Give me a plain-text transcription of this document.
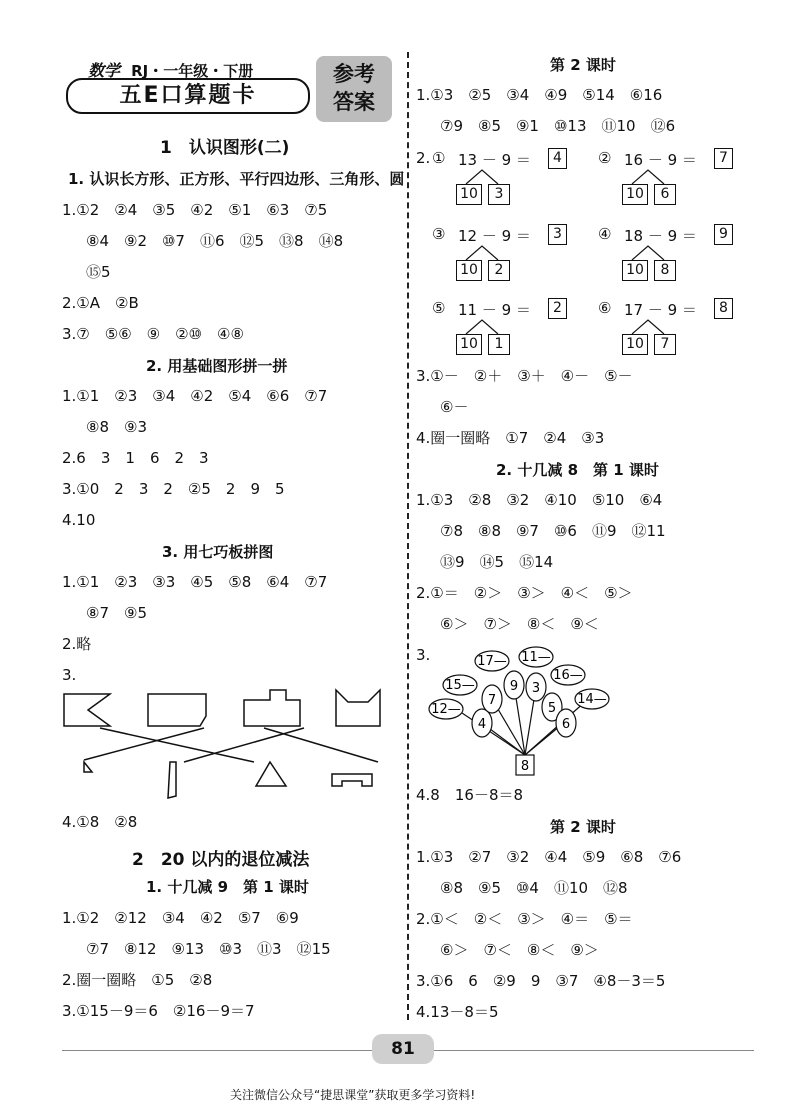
数学 RJ・一年级・下册
五E口算题卡
参考
答案
1　认识图形(二)
1. 认识长方形、正方形、平行四边形、三角形、圆
1.①2　②4　③5　④2　⑤1　⑥3　⑦5
⑧4　⑨2　⑩7　⑪6　⑫5　⑬8　⑭8
⑮5
2.①A　②B
3.⑦　⑤⑥　⑨　②⑩　④⑧
2. 用基础图形拼一拼
1.①1　②3　③4　④2　⑤4　⑥6　⑦7
⑧8　⑨3
2.6　3　1　6　2　3
3.①0　2　3　2　②5　2　9　5
4.10
3. 用七巧板拼图
1.①1　②3　③3　④5　⑤8　⑥4　⑦7
⑧7　⑨5
2.略
3.
4.①8　②8
2　20 以内的退位减法
1. 十几减 9　第 1 课时
1.①2　②12　③4　④2　⑤7　⑥9
⑦7　⑧12　⑨13　⑩3　⑪3　⑫15
2.圈一圈略　①5　②8
3.①15－9＝6　②16－9＝7
第 2 课时
1.①3　②5　③4　④9　⑤14　⑥16
⑦9　⑧5　⑨1　⑩13　⑪10　⑫6
2. ① 13 － 9 ＝	4
10	3
② 16 － 9 ＝	7
10	6
③ 12 － 9 ＝	3
10	2
④ 18 － 9 ＝	9
10	8
⑤ 11 － 9 ＝	2
10	1
⑥ 17 － 9 ＝	8
10	7
3.①－　②＋　③＋　④－　⑤－
⑥－
4.圈一圈略　①7　②4　③3
2. 十几减 8　第 1 课时
1.①3　②8　③2　④10　⑤10　⑥4
⑦8　⑧8　⑨7　⑩6　⑪9　⑫11
⑬9　⑭5　⑮14
2.①＝　②＞　③＞　④＜　⑤＞
⑥＞　⑦＞　⑧＜　⑨＜
3.
12—
15—
17— 11—
16—
14—
4
7
9 3
5
6
8
4.8　16－8＝8
第 2 课时
1.①3　②7　③2　④4　⑤9　⑥8　⑦6
⑧8　⑨5　⑩4　⑪10　⑫8
2.①＜　②＜　③＞　④＝　⑤＝
⑥＞　⑦＜　⑧＜　⑨＞
3.①6　6　②9　9　③7　④8－3＝5
4.13－8＝5
81
关注微信公众号“捷思课堂”获取更多学习资料!
